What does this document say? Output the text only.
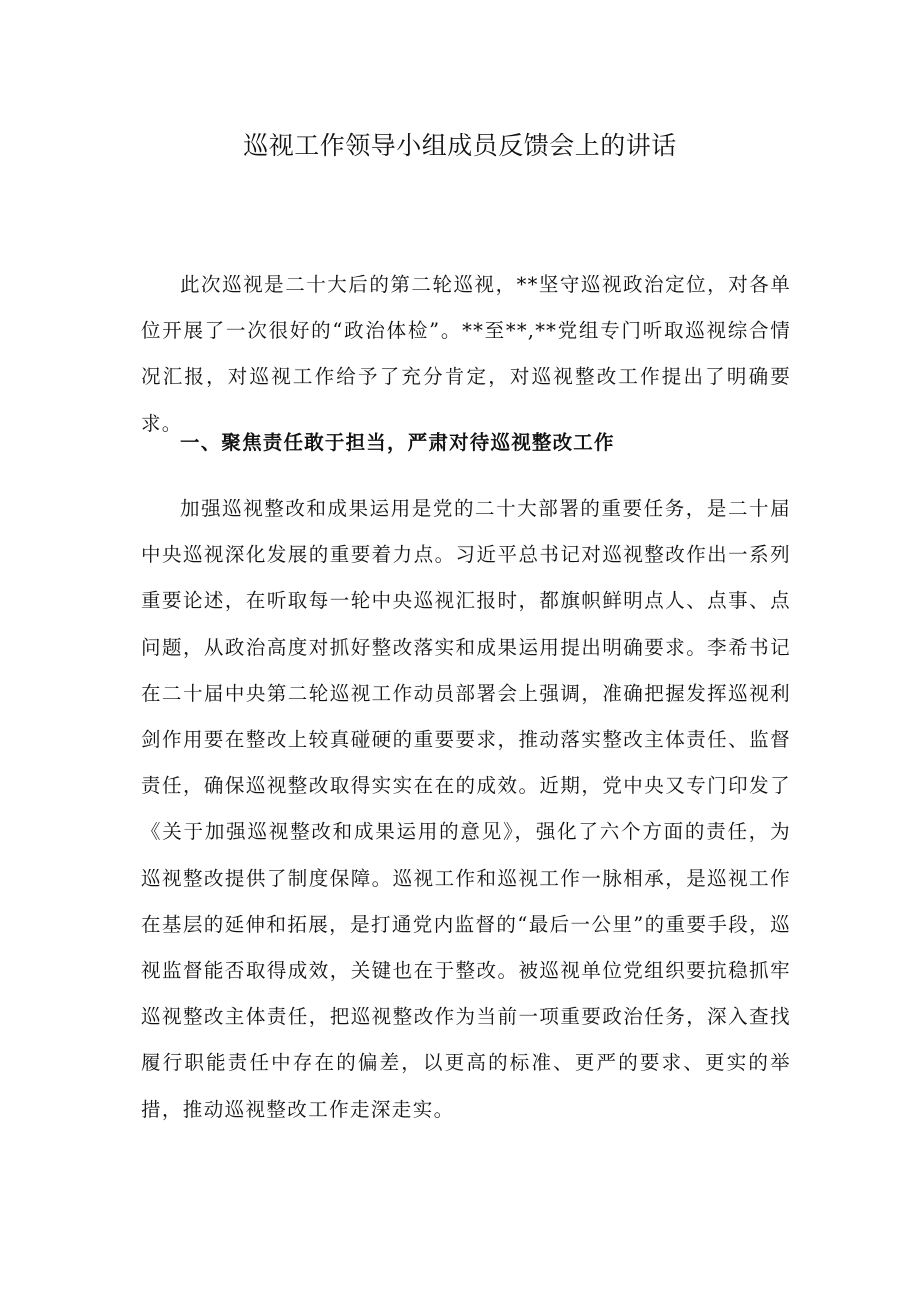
巡视工作领导小组成员反馈会上的讲话

此次巡视是二十大后的第二轮巡视，**坚守巡视政治定位，对各单位开展了一次很好的“政治体检”。**至**,**党组专门听取巡视综合情况汇报，对巡视工作给予了充分肯定，对巡视整改工作提出了明确要求。

一、聚焦责任敢于担当，严肃对待巡视整改工作

加强巡视整改和成果运用是党的二十大部署的重要任务，是二十届中央巡视深化发展的重要着力点。习近平总书记对巡视整改作出一系列重要论述，在听取每一轮中央巡视汇报时，都旗帜鲜明点人、点事、点问题，从政治高度对抓好整改落实和成果运用提出明确要求。李希书记在二十届中央第二轮巡视工作动员部署会上强调，准确把握发挥巡视利剑作用要在整改上较真碰硬的重要要求，推动落实整改主体责任、监督责任，确保巡视整改取得实实在在的成效。近期，党中央又专门印发了《关于加强巡视整改和成果运用的意见》，强化了六个方面的责任，为巡视整改提供了制度保障。巡视工作和巡视工作一脉相承，是巡视工作在基层的延伸和拓展，是打通党内监督的“最后一公里”的重要手段，巡视监督能否取得成效，关键也在于整改。被巡视单位党组织要抗稳抓牢巡视整改主体责任，把巡视整改作为当前一项重要政治任务，深入查找履行职能责任中存在的偏差，以更高的标准、更严的要求、更实的举措，推动巡视整改工作走深走实。
